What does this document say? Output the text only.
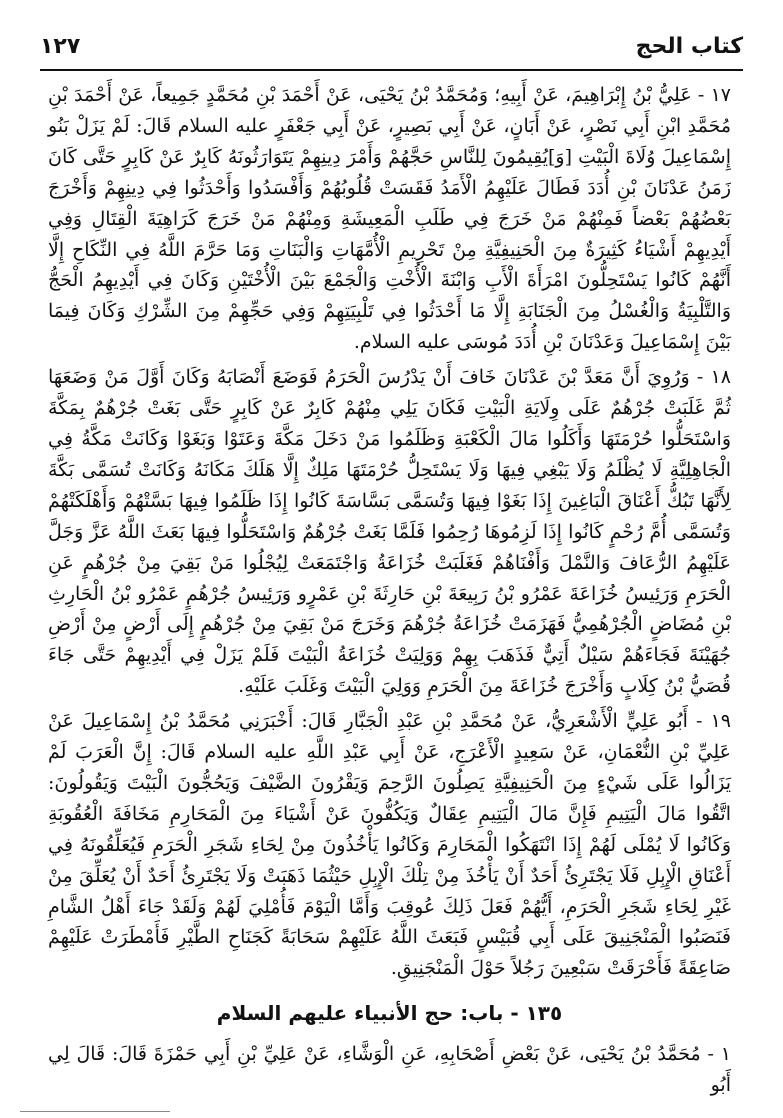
كتاب الحج
١٢٧

١٧ - عَلِيُّ بْنُ إِبْرَاهِيمَ، عَنْ أَبِيهِ؛ وَمُحَمَّدُ بْنُ يَحْيَى، عَنْ أَحْمَدَ بْنِ مُحَمَّدٍ جَمِيعاً، عَنْ أَحْمَدَ بْنِ مُحَمَّدِ ابْنِ أَبِي نَصْرٍ، عَنْ أَبَانٍ، عَنْ أَبِي بَصِيرٍ، عَنْ أَبِي جَعْفَرٍ عليه السلام قَالَ: لَمْ يَزَلْ بَنُو إِسْمَاعِيلَ وُلَاةَ الْبَيْتِ [وَ]يُقِيمُونَ لِلنَّاسِ حَجَّهُمْ وَأَمْرَ دِينِهِمْ يَتَوَارَثُونَهُ كَابِرٌ عَنْ كَابِرٍ حَتَّى كَانَ زَمَنُ عَدْنَانَ بْنِ أُدَدَ فَطَالَ عَلَيْهِمُ الْأَمَدُ فَقَسَتْ قُلُوبُهُمْ وَأَفْسَدُوا وَأَحْدَثُوا فِي دِينِهِمْ وَأَخْرَجَ بَعْضُهُمْ بَعْضاً فَمِنْهُمْ مَنْ خَرَجَ فِي طَلَبِ الْمَعِيشَةِ وَمِنْهُمْ مَنْ خَرَجَ كَرَاهِيَةَ الْقِتَالِ وَفِي أَيْدِيهِمْ أَشْيَاءُ كَثِيرَةٌ مِنَ الْحَنِيفِيَّةِ مِنْ تَحْرِيمِ الْأُمَّهَاتِ وَالْبَنَاتِ وَمَا حَرَّمَ اللَّهُ فِي النِّكَاحِ إِلَّا أَنَّهُمْ كَانُوا يَسْتَحِلُّونَ امْرَأَةَ الْأَبِ وَابْنَةَ الْأُخْتِ وَالْجَمْعَ بَيْنَ الْأُخْتَيْنِ وَكَانَ فِي أَيْدِيهِمُ الْحَجُّ وَالتَّلْبِيَةُ وَالْغُسْلُ مِنَ الْجَنَابَةِ إِلَّا مَا أَحْدَثُوا فِي تَلْبِيَتِهِمْ وَفِي حَجِّهِمْ مِنَ الشِّرْكِ وَكَانَ فِيمَا بَيْنَ إِسْمَاعِيلَ وَعَدْنَانَ بْنِ أُدَدَ مُوسَى عليه السلام.

١٨ - وَرُوِيَ أَنَّ مَعَدَّ بْنَ عَدْنَانَ خَافَ أَنْ يَدْرُسَ الْحَرَمُ فَوَضَعَ أَنْصَابَهُ وَكَانَ أَوَّلَ مَنْ وَضَعَهَا ثُمَّ غَلَبَتْ جُرْهُمٌ عَلَى وِلَايَةِ الْبَيْتِ فَكَانَ يَلِي مِنْهُمْ كَابِرٌ عَنْ كَابِرٍ حَتَّى بَغَتْ جُرْهُمٌ بِمَكَّةَ وَاسْتَحَلُّوا حُرْمَتَهَا وَأَكَلُوا مَالَ الْكَعْبَةِ وَظَلَمُوا مَنْ دَخَلَ مَكَّةَ وَعَتَوْا وَبَغَوْا وَكَانَتْ مَكَّةُ فِي الْجَاهِلِيَّةِ لَا يُظْلَمُ وَلَا يَبْغِي فِيهَا وَلَا يَسْتَحِلُّ حُرْمَتَهَا مَلِكٌ إِلَّا هَلَكَ مَكَانَهُ وَكَانَتْ تُسَمَّى بَكَّةَ لِأَنَّهَا تَبُكُّ أَعْنَاقَ الْبَاغِينَ إِذَا بَغَوْا فِيهَا وَتُسَمَّى بَسَّاسَةَ كَانُوا إِذَا ظَلَمُوا فِيهَا بَسَّتْهُمْ وَأَهْلَكَتْهُمْ وَتُسَمَّى أُمَّ رُحْمٍ كَانُوا إِذَا لَزِمُوهَا رُحِمُوا فَلَمَّا بَغَتْ جُرْهُمٌ وَاسْتَحَلُّوا فِيهَا بَعَثَ اللَّهُ عَزَّ وَجَلَّ عَلَيْهِمُ الرُّعَافَ وَالنَّمْلَ وَأَفْنَاهُمْ فَغَلَبَتْ خُزَاعَةُ وَاجْتَمَعَتْ لِيُجْلُوا مَنْ بَقِيَ مِنْ جُرْهُمٍ عَنِ الْحَرَمِ وَرَئِيسُ خُزَاعَةَ عَمْرُو بْنُ رَبِيعَةَ بْنِ حَارِثَةَ بْنِ عَمْرٍو وَرَئِيسُ جُرْهُمٍ عَمْرُو بْنُ الْحَارِثِ بْنِ مُضَاضٍ الْجُرْهُمِيُّ فَهَزَمَتْ خُزَاعَةُ جُرْهُمَ وَخَرَجَ مَنْ بَقِيَ مِنْ جُرْهُمٍ إِلَى أَرْضٍ مِنْ أَرْضِ جُهَيْنَةَ فَجَاءَهُمْ سَيْلٌ أَتِيٌّ فَذَهَبَ بِهِمْ وَوَلِيَتْ خُزَاعَةُ الْبَيْتَ فَلَمْ يَزَلْ فِي أَيْدِيهِمْ حَتَّى جَاءَ قُصَيُّ بْنُ كِلَابٍ وَأَخْرَجَ خُزَاعَةَ مِنَ الْحَرَمِ وَوَلِيَ الْبَيْتَ وَغَلَبَ عَلَيْهِ.

١٩ - أَبُو عَلِيٍّ الْأَشْعَرِيُّ، عَنْ مُحَمَّدِ بْنِ عَبْدِ الْجَبَّارِ قَالَ: أَخْبَرَنِي مُحَمَّدُ بْنُ إِسْمَاعِيلَ عَنْ عَلِيِّ بْنِ النُّعْمَانِ، عَنْ سَعِيدٍ الْأَعْرَجِ، عَنْ أَبِي عَبْدِ اللَّهِ عليه السلام قَالَ: إِنَّ الْعَرَبَ لَمْ يَزَالُوا عَلَى شَيْءٍ مِنَ الْحَنِيفِيَّةِ يَصِلُونَ الرَّحِمَ وَيَقْرُونَ الضَّيْفَ وَيَحُجُّونَ الْبَيْتَ وَيَقُولُونَ: اتَّقُوا مَالَ الْيَتِيمِ فَإِنَّ مَالَ الْيَتِيمِ عِقَالٌ وَيَكُفُّونَ عَنْ أَشْيَاءَ مِنَ الْمَحَارِمِ مَخَافَةَ الْعُقُوبَةِ وَكَانُوا لَا يُمْلَى لَهُمْ إِذَا انْتَهَكُوا الْمَحَارِمَ وَكَانُوا يَأْخُذُونَ مِنْ لِحَاءِ شَجَرِ الْحَرَمِ فَيُعَلِّقُونَهُ فِي أَعْنَاقِ الْإِبِلِ فَلَا يَجْتَرِئُ أَحَدٌ أَنْ يَأْخُذَ مِنْ تِلْكَ الْإِبِلِ حَيْثُمَا ذَهَبَتْ وَلَا يَجْتَرِئُ أَحَدٌ أَنْ يُعَلِّقَ مِنْ غَيْرِ لِحَاءِ شَجَرِ الْحَرَمِ، أَيُّهُمْ فَعَلَ ذَلِكَ عُوقِبَ وَأَمَّا الْيَوْمَ فَأُمْلِيَ لَهُمْ وَلَقَدْ جَاءَ أَهْلُ الشَّامِ فَنَصَبُوا الْمَنْجَنِيقَ عَلَى أَبِي قُبَيْسٍ فَبَعَثَ اللَّهُ عَلَيْهِمْ سَحَابَةً كَجَنَاحِ الطَّيْرِ فَأَمْطَرَتْ عَلَيْهِمْ صَاعِقَةً فَأَحْرَقَتْ سَبْعِينَ رَجُلاً حَوْلَ الْمَنْجَنِيقِ.

١٣٥ - باب: حج الأنبياء عليهم السلام

١ - مُحَمَّدُ بْنُ يَحْيَى، عَنْ بَعْضِ أَصْحَابِهِ، عَنِ الْوَشَّاءِ، عَنْ عَلِيِّ بْنِ أَبِي حَمْزَةَ قَالَ: قَالَ لِي أَبُو
